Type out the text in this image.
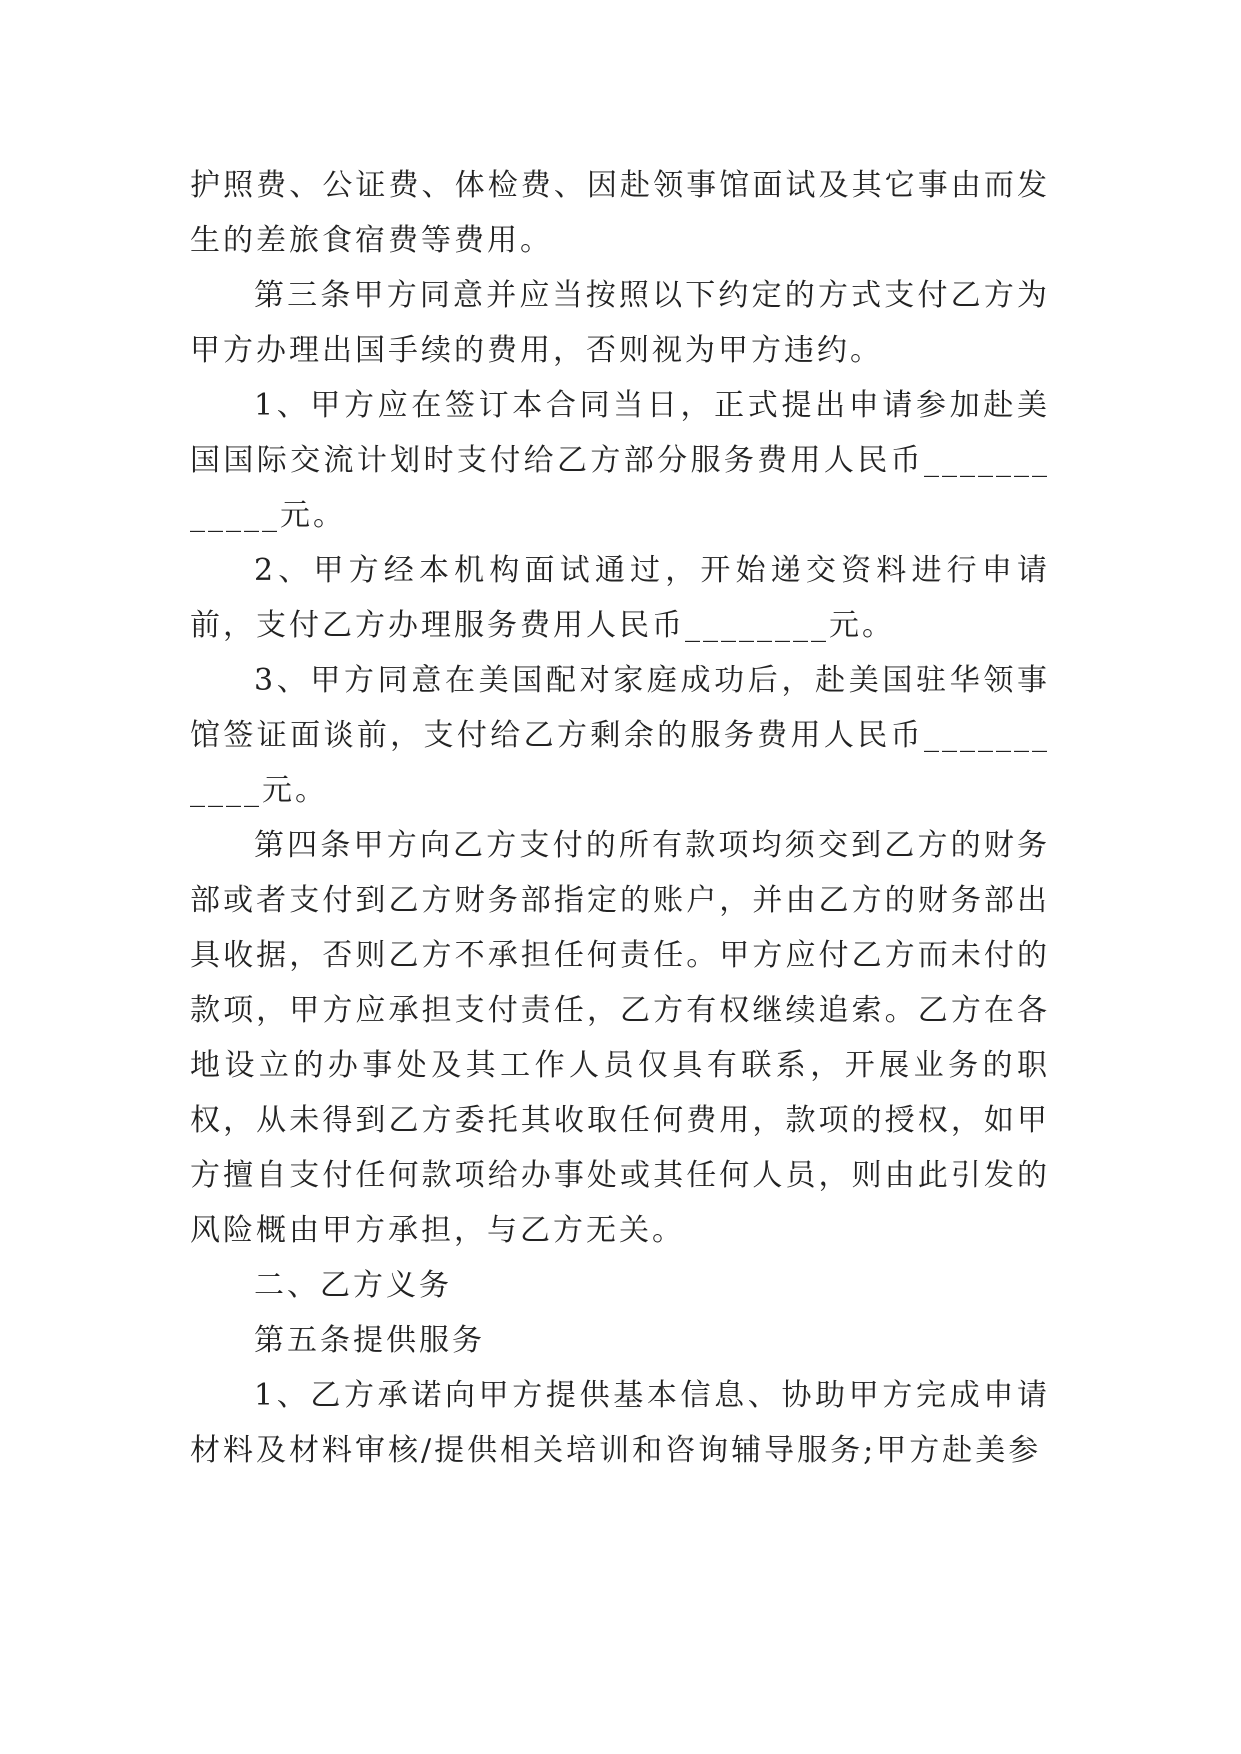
护照费、公证费、体检费、因赴领事馆面试及其它事由而发生的差旅食宿费等费用。

第三条甲方同意并应当按照以下约定的方式支付乙方为甲方办理出国手续的费用，否则视为甲方违约。

1、甲方应在签订本合同当日，正式提出申请参加赴美国国际交流计划时支付给乙方部分服务费用人民币____________元。

2、甲方经本机构面试通过，开始递交资料进行申请前，支付乙方办理服务费用人民币________元。

3、甲方同意在美国配对家庭成功后，赴美国驻华领事馆签证面谈前，支付给乙方剩余的服务费用人民币___________元。

第四条甲方向乙方支付的所有款项均须交到乙方的财务部或者支付到乙方财务部指定的账户，并由乙方的财务部出具收据，否则乙方不承担任何责任。甲方应付乙方而未付的款项，甲方应承担支付责任，乙方有权继续追索。乙方在各地设立的办事处及其工作人员仅具有联系，开展业务的职权，从未得到乙方委托其收取任何费用，款项的授权，如甲方擅自支付任何款项给办事处或其任何人员，则由此引发的风险概由甲方承担，与乙方无关。

二、乙方义务

第五条提供服务

1、乙方承诺向甲方提供基本信息、协助甲方完成申请材料及材料审核/提供相关培训和咨询辅导服务;甲方赴美参
